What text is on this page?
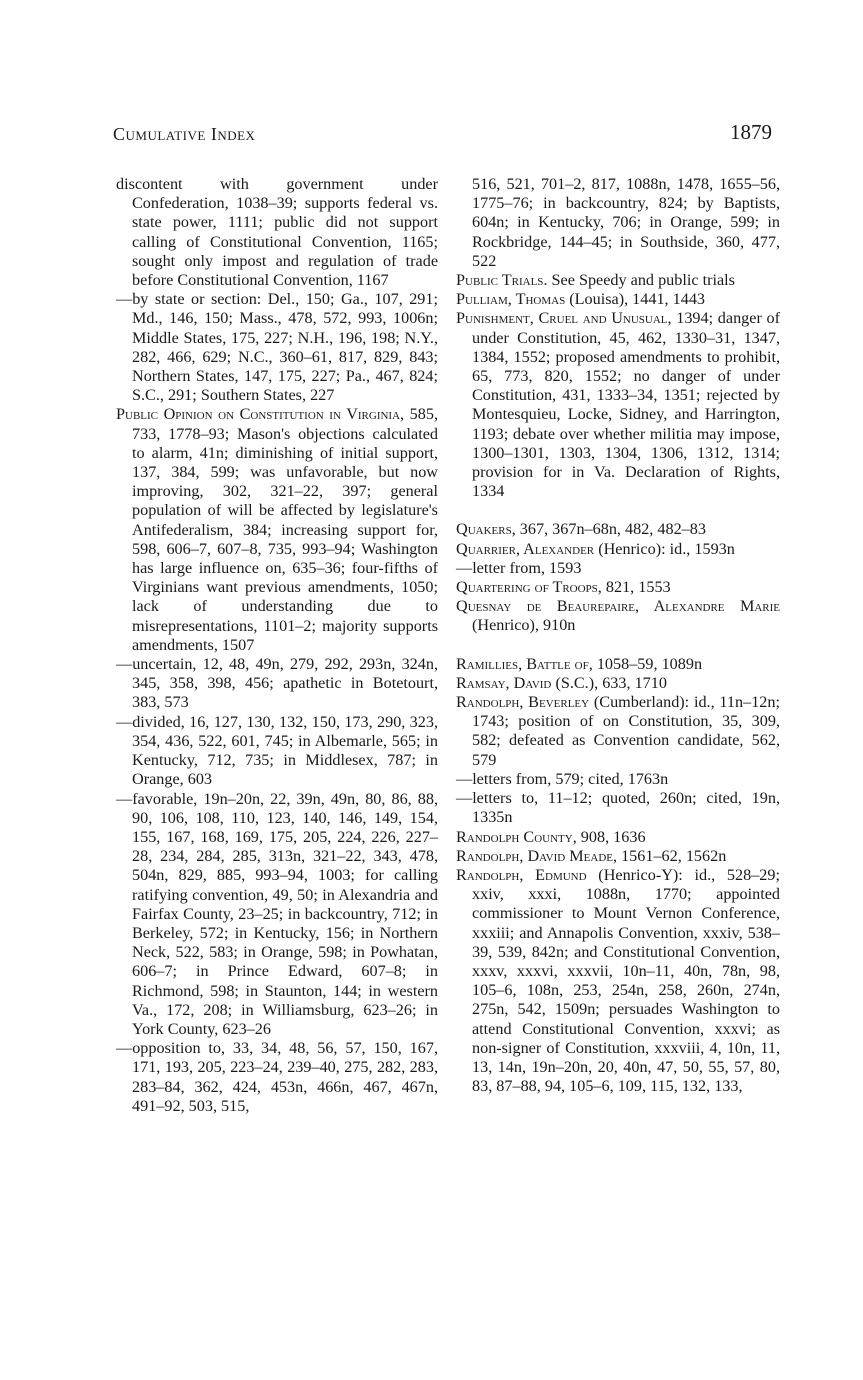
Cumulative Index	1879

discontent with government under Confederation, 1038–39; supports federal vs. state power, 1111; public did not support calling of Constitutional Convention, 1165; sought only impost and regulation of trade before Constitutional Convention, 1167

—by state or section: Del., 150; Ga., 107, 291; Md., 146, 150; Mass., 478, 572, 993, 1006n; Middle States, 175, 227; N.H., 196, 198; N.Y., 282, 466, 629; N.C., 360–61, 817, 829, 843; Northern States, 147, 175, 227; Pa., 467, 824; S.C., 291; Southern States, 227

Public Opinion on Constitution in Virginia, 585, 733, 1778–93; Mason's objections calculated to alarm, 41n; diminishing of initial support, 137, 384, 599; was unfavorable, but now improving, 302, 321–22, 397; general population of will be affected by legislature's Antifederalism, 384; increasing support for, 598, 606–7, 607–8, 735, 993–94; Washington has large influence on, 635–36; four-fifths of Virginians want previous amendments, 1050; lack of understanding due to misrepresentations, 1101–2; majority supports amendments, 1507

—uncertain, 12, 48, 49n, 279, 292, 293n, 324n, 345, 358, 398, 456; apathetic in Botetourt, 383, 573

—divided, 16, 127, 130, 132, 150, 173, 290, 323, 354, 436, 522, 601, 745; in Albemarle, 565; in Kentucky, 712, 735; in Middlesex, 787; in Orange, 603

—favorable, 19n–20n, 22, 39n, 49n, 80, 86, 88, 90, 106, 108, 110, 123, 140, 146, 149, 154, 155, 167, 168, 169, 175, 205, 224, 226, 227–28, 234, 284, 285, 313n, 321–22, 343, 478, 504n, 829, 885, 993–94, 1003; for calling ratifying convention, 49, 50; in Alexandria and Fairfax County, 23–25; in backcountry, 712; in Berkeley, 572; in Kentucky, 156; in Northern Neck, 522, 583; in Orange, 598; in Powhatan, 606–7; in Prince Edward, 607–8; in Richmond, 598; in Staunton, 144; in western Va., 172, 208; in Williamsburg, 623–26; in York County, 623–26

—opposition to, 33, 34, 48, 56, 57, 150, 167, 171, 193, 205, 223–24, 239–40, 275, 282, 283, 283–84, 362, 424, 453n, 466n, 467, 467n, 491–92, 503, 515,

516, 521, 701–2, 817, 1088n, 1478, 1655–56, 1775–76; in backcountry, 824; by Baptists, 604n; in Kentucky, 706; in Orange, 599; in Rockbridge, 144–45; in Southside, 360, 477, 522

Public Trials. See Speedy and public trials

Pulliam, Thomas (Louisa), 1441, 1443

Punishment, Cruel and Unusual, 1394; danger of under Constitution, 45, 462, 1330–31, 1347, 1384, 1552; proposed amendments to prohibit, 65, 773, 820, 1552; no danger of under Constitution, 431, 1333–34, 1351; rejected by Montesquieu, Locke, Sidney, and Harrington, 1193; debate over whether militia may impose, 1300–1301, 1303, 1304, 1306, 1312, 1314; provision for in Va. Declaration of Rights, 1334

Quakers, 367, 367n–68n, 482, 482–83

Quarrier, Alexander (Henrico): id., 1593n

—letter from, 1593

Quartering of Troops, 821, 1553

Quesnay de Beaurepaire, Alexandre Marie (Henrico), 910n

Ramillies, Battle of, 1058–59, 1089n

Ramsay, David (S.C.), 633, 1710

Randolph, Beverley (Cumberland): id., 11n–12n; 1743; position of on Constitution, 35, 309, 582; defeated as Convention candidate, 562, 579

—letters from, 579; cited, 1763n

—letters to, 11–12; quoted, 260n; cited, 19n, 1335n

Randolph County, 908, 1636

Randolph, David Meade, 1561–62, 1562n

Randolph, Edmund (Henrico-Y): id., 528–29; xxiv, xxxi, 1088n, 1770; appointed commissioner to Mount Vernon Conference, xxxiii; and Annapolis Convention, xxxiv, 538–39, 539, 842n; and Constitutional Convention, xxxv, xxxvi, xxxvii, 10n–11, 40n, 78n, 98, 105–6, 108n, 253, 254n, 258, 260n, 274n, 275n, 542, 1509n; persuades Washington to attend Constitutional Convention, xxxvi; as non-signer of Constitution, xxxviii, 4, 10n, 11, 13, 14n, 19n–20n, 20, 40n, 47, 50, 55, 57, 80, 83, 87–88, 94, 105–6, 109, 115, 132, 133,
